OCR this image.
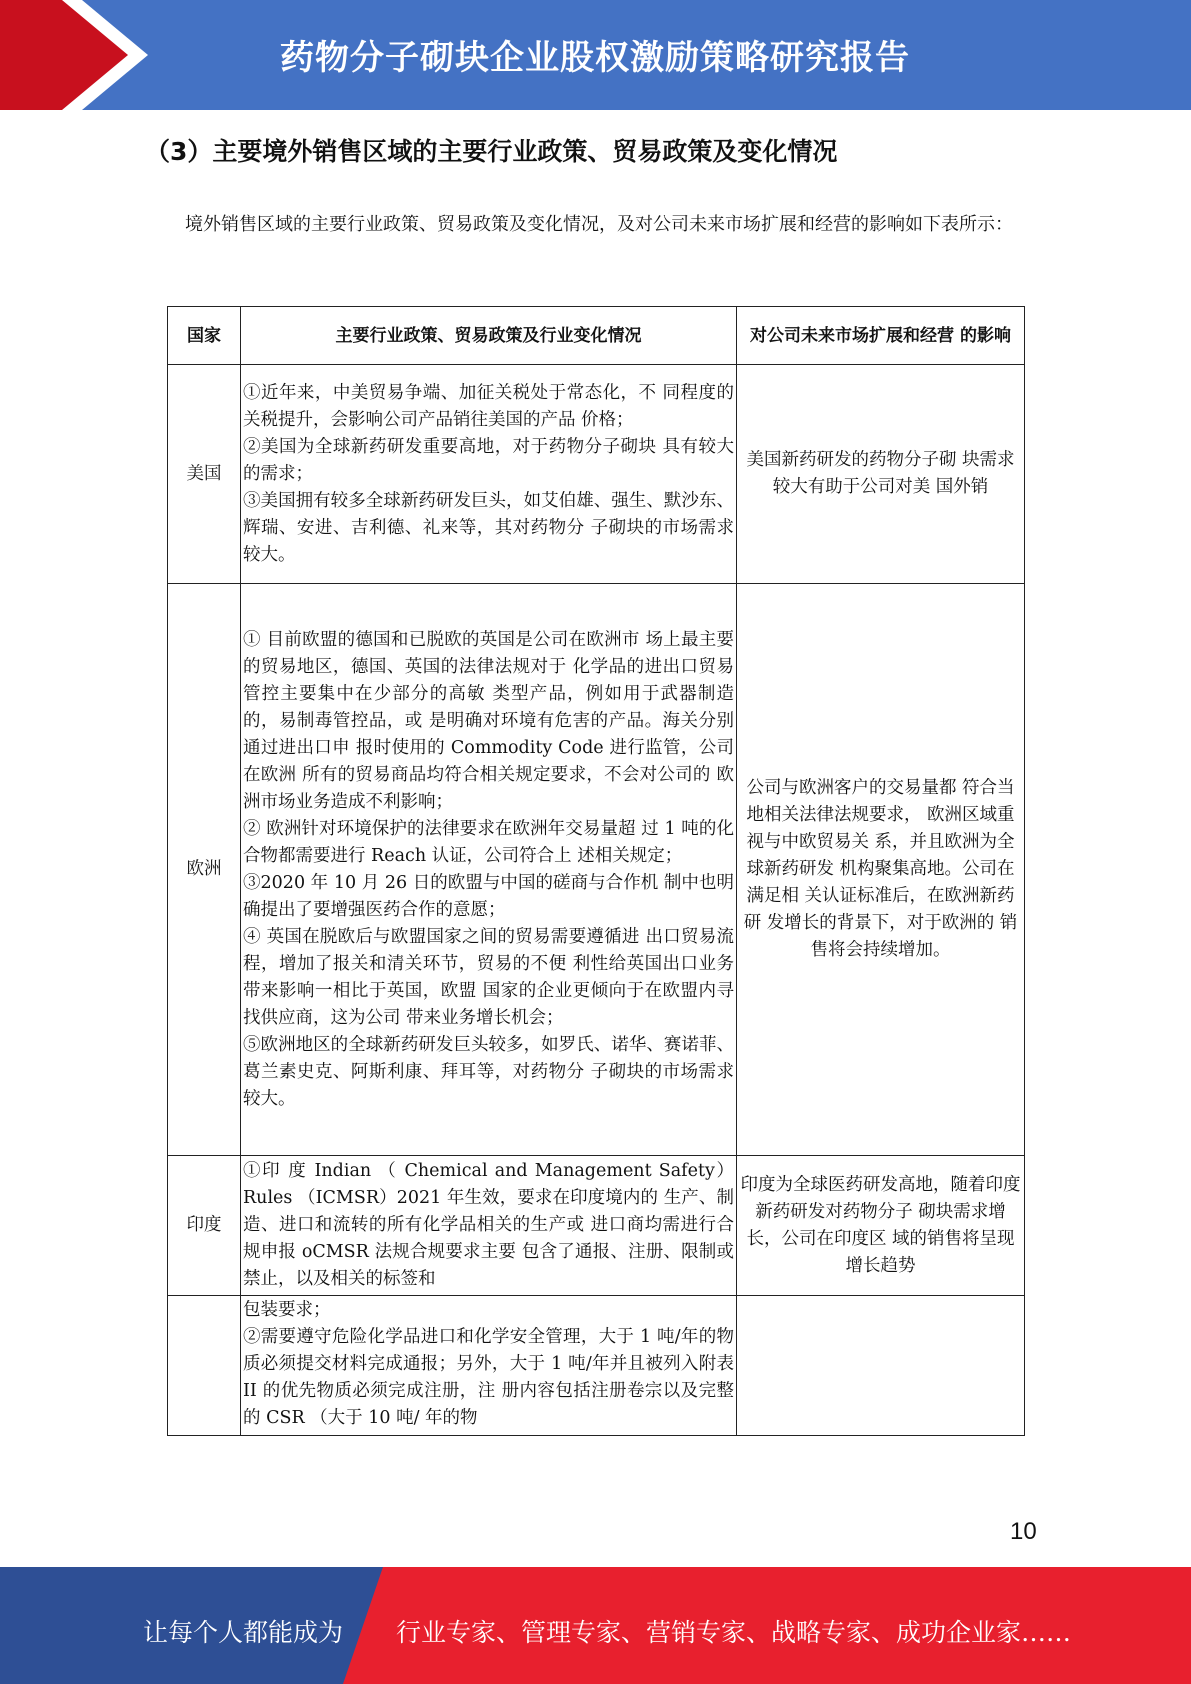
药物分子砌块企业股权激励策略研究报告
（3）主要境外销售区域的主要行业政策、贸易政策及变化情况
境外销售区域的主要行业政策、贸易政策及变化情况，及对公司未来市场扩展和经营的影响如下表所示：
国家	主要行业政策、贸易政策及行业变化情况	对公司未来市场扩展和经营 的影响
美国	①近年来，中美贸易争端、加征关税处于常态化，不 同程度的关税提升，会影响公司产品销往美国的产品 价格；
②美国为全球新药研发重要高地，对于药物分子砌块 具有较大的需求；
③美国拥有较多全球新药研发巨头，如艾伯雄、强生、默沙东、辉瑞、安进、吉利德、礼来等，其对药物分 子砌块的市场需求较大。	美国新药研发的药物分子砌 块需求较大有助于公司对美 国外销
欧洲	① 目前欧盟的德国和已脱欧的英国是公司在欧洲市 场上最主要的贸易地区，德国、英国的法律法规对于 化学品的进出口贸易管控主要集中在少部分的高敏 类型产品，例如用于武器制造的，易制毒管控品，或 是明确对环境有危害的产品。海关分别通过进出口申 报时使用的 Commodity Code 进行监管，公司在欧洲 所有的贸易商品均符合相关规定要求，不会对公司的 欧洲市场业务造成不利影响；
② 欧洲针对环境保护的法律要求在欧洲年交易量超 过 1 吨的化合物都需要进行 Reach 认证，公司符合上 述相关规定；
③2020 年 10 月 26 日的欧盟与中国的磋商与合作机 制中也明确提出了要增强医药合作的意愿；
④ 英国在脱欧后与欧盟国家之间的贸易需要遵循进 出口贸易流程，增加了报关和清关环节，贸易的不便 利性给英国出口业务带来影响一相比于英国，欧盟 国家的企业更倾向于在欧盟内寻找供应商，这为公司 带来业务增长机会；
⑤欧洲地区的全球新药研发巨头较多，如罗氏、诺华、赛诺菲、葛兰素史克、阿斯利康、拜耳等，对药物分 子砌块的市场需求较大。	公司与欧洲客户的交易量都 符合当地相关法律法规要求， 欧洲区域重视与中欧贸易关 系，并且欧洲为全球新药研发 机构聚集高地。公司在满足相 关认证标准后，在欧洲新药研 发增长的背景下，对于欧洲的 销售将会持续增加。
印度	①印 度 Indian （ Chemical and Management Safety） Rules （ICMSR）2021 年生效，要求在印度境内的 生产、制造、进口和流转的所有化学品相关的生产或 进口商均需进行合规申报 oCMSR 法规合规要求主要 包含了通报、注册、限制或禁止，以及相关的标签和	印度为全球医药研发高地，随着印度新药研发对药物分子 砌块需求增长，公司在印度区 域的销售将呈现增长趋势

	包装要求；
②需要遵守危险化学品进口和化学安全管理，大于 1 吨/年的物质必须提交材料完成通报；另外，大于 1 吨/年并且被列入附表 II 的优先物质必须完成注册，注 册内容包括注册卷宗以及完整的 CSR （大于 10 吨/ 年的物	

10
让每个人都能成为 行业专家、管理专家、营销专家、战略专家、成功企业家……
